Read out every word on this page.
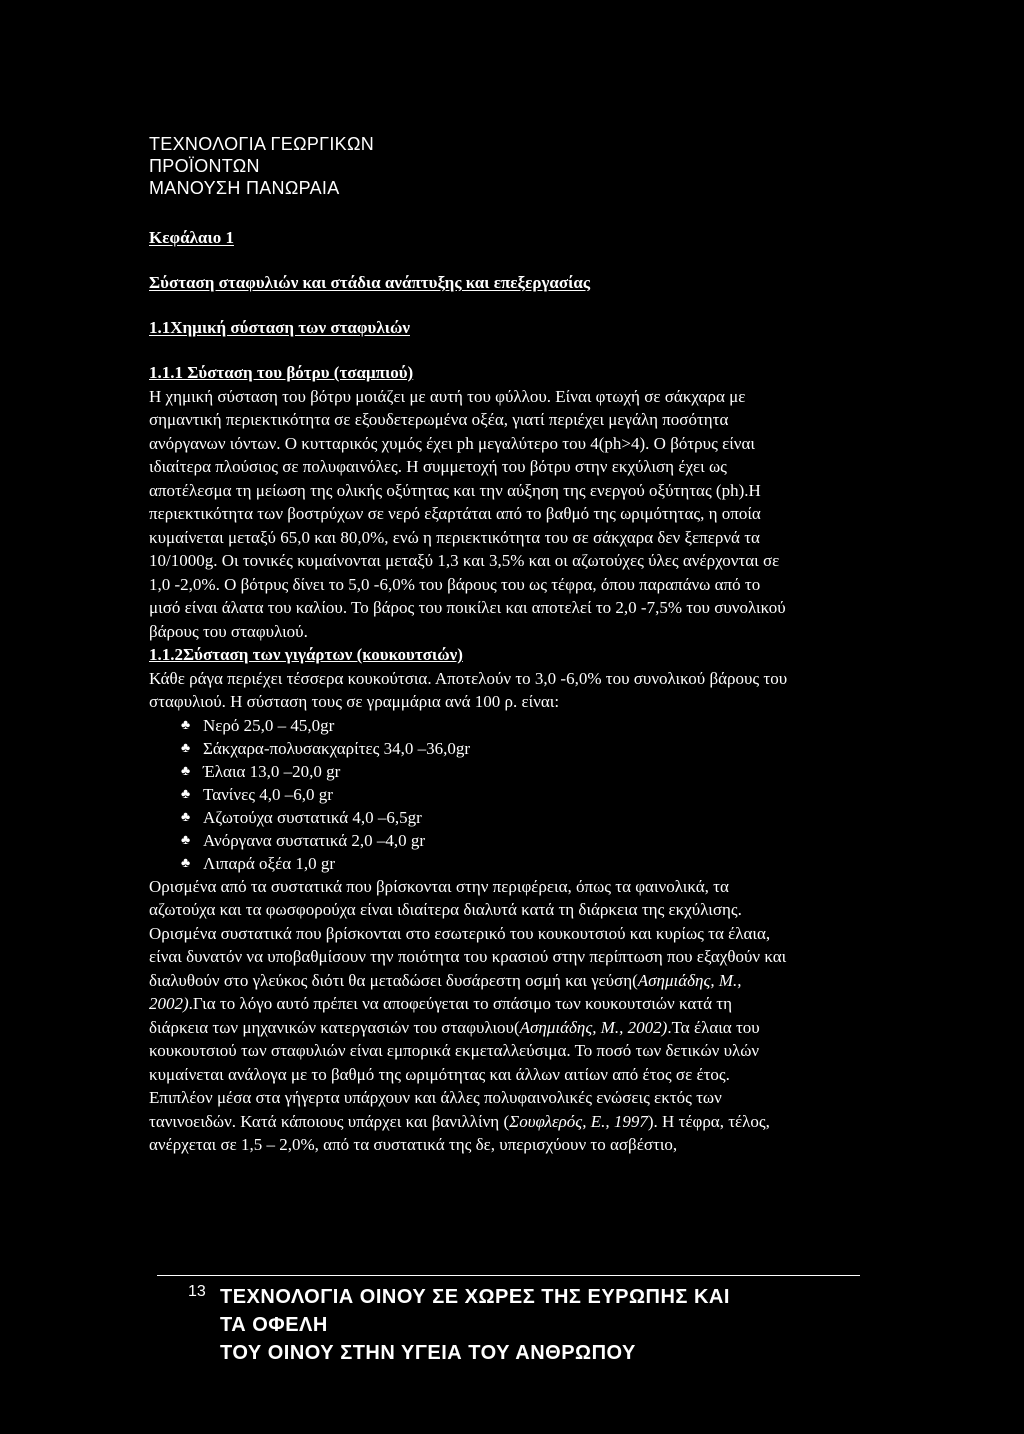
ΤΕΧΝΟΛΟΓΙΑ ΓΕΩΡΓΙΚΩΝ
ΠΡΟΪΟΝΤΩΝ
ΜΑΝΟΥΣΗ ΠΑΝΩΡΑΙΑ
Κεφάλαιο 1
Σύσταση σταφυλιών και στάδια ανάπτυξης και επεξεργασίας
1.1Χημική σύσταση των σταφυλιών
1.1.1 Σύσταση του βότρυ (τσαμπιού)

Η χημική σύσταση του βότρυ μοιάζει με αυτή του φύλλου. Είναι φτωχή σε σάκχαρα με σημαντική περιεκτικότητα σε εξουδετερωμένα οξέα, γιατί περιέχει μεγάλη ποσότητα ανόργανων ιόντων. Ο κυτταρικός χυμός έχει ph μεγαλύτερο του 4(ph>4). Ο βότρυς είναι ιδιαίτερα πλούσιος σε πολυφαινόλες. Η συμμετοχή του βότρυ στην εκχύλιση έχει ως αποτέλεσμα τη μείωση της ολικής οξύτητας και την αύξηση της ενεργού οξύτητας (ph).Η περιεκτικότητα των βοστρύχων σε νερό εξαρτάται από το βαθμό της ωριμότητας, η οποία κυμαίνεται μεταξύ 65,0 και 80,0%, ενώ η περιεκτικότητα του σε σάκχαρα δεν ξεπερνά τα 10/1000g. Οι τονικές κυμαίνονται μεταξύ 1,3 και 3,5% και οι αζωτούχες ύλες ανέρχονται σε 1,0 -2,0%. Ο βότρυς δίνει το 5,0 -6,0% του βάρους του ως τέφρα, όπου παραπάνω από το μισό είναι άλατα του καλίου. Το βάρος του ποικίλει και αποτελεί το 2,0 -7,5% του συνολικού βάρους του σταφυλιού.

1.1.2Σύσταση των γιγάρτων (κουκουτσιών)

Κάθε ράγα περιέχει τέσσερα κουκούτσια. Αποτελούν το 3,0 -6,0% του συνολικού βάρους του σταφυλιού. Η σύσταση τους σε γραμμάρια ανά 100 ρ. είναι:

♣ Νερό 25,0 – 45,0gr
♣ Σάκχαρα-πολυσακχαρίτες 34,0 –36,0gr
♣ Έλαια 13,0 –20,0 gr
♣ Τανίνες 4,0 –6,0 gr
♣ Αζωτούχα συστατικά 4,0 –6,5gr
♣ Ανόργανα συστατικά 2,0 –4,0 gr
♣ Λιπαρά οξέα 1,0 gr

Ορισμένα από τα συστατικά που βρίσκονται στην περιφέρεια, όπως τα φαινολικά, τα αζωτούχα και τα φωσφορούχα είναι ιδιαίτερα διαλυτά κατά τη διάρκεια της εκχύλισης. Ορισμένα συστατικά που βρίσκονται στο εσωτερικό του κουκουτσιού και κυρίως τα έλαια, είναι δυνατόν να υποβαθμίσουν την ποιότητα του κρασιού στην περίπτωση που εξαχθούν και διαλυθούν στο γλεύκος διότι θα μεταδώσει δυσάρεστη οσμή και γεύση(Ασημιάδης, Μ., 2002).Για το λόγο αυτό πρέπει να αποφεύγεται το σπάσιμο των κουκουτσιών κατά τη διάρκεια των μηχανικών κατεργασιών του σταφυλιου(Ασημιάδης, Μ., 2002).Τα έλαια του κουκουτσιού των σταφυλιών είναι εμπορικά εκμεταλλεύσιμα. Το ποσό των δετικών υλών κυμαίνεται ανάλογα με το βαθμό της ωριμότητας και άλλων αιτίων από έτος σε έτος. Επιπλέον μέσα στα γήγερτα υπάρχουν και άλλες πολυφαινολικές ενώσεις εκτός των τανινοειδών. Κατά κάποιους υπάρχει και βανιλλίνη (Σουφλερός, Ε., 1997). Η τέφρα, τέλος, ανέρχεται σε 1,5 – 2,0%, από τα συστατικά της δε, υπερισχύουν το ασβέστιο,

13 ΤΕΧΝΟΛΟΓΙΑ ΟΙΝΟΥ ΣΕ ΧΩΡΕΣ ΤΗΣ ΕΥΡΩΠΗΣ ΚΑΙ
ΤΑ ΟΦΕΛΗ
ΤΟΥ ΟΙΝΟΥ ΣΤΗΝ ΥΓΕΙΑ ΤΟΥ ΑΝΘΡΩΠΟΥ
